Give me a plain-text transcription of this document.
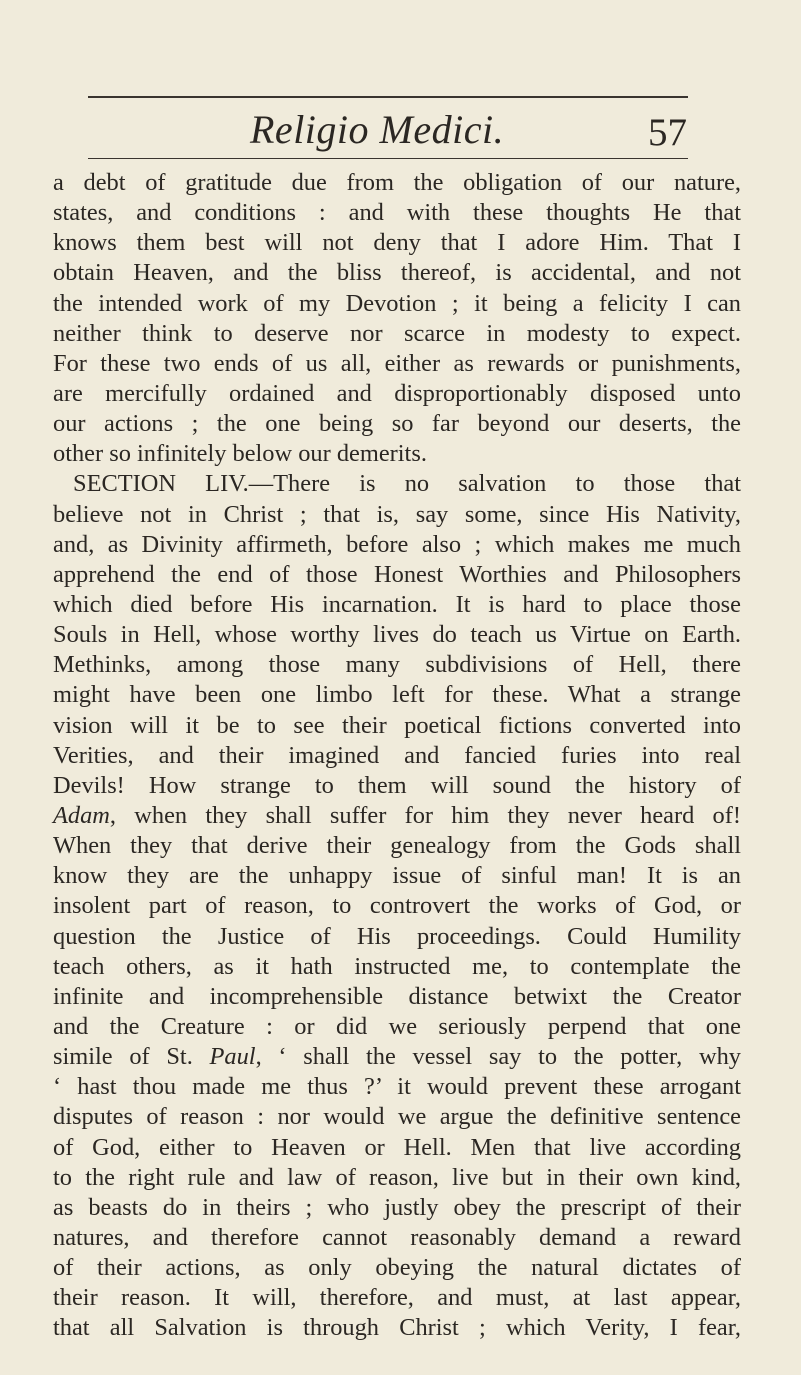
Religio Medici.	57
a debt of gratitude due from the obligation of our nature,
states, and conditions : and with these thoughts He that
knows them best will not deny that I adore Him. That I
obtain Heaven, and the bliss thereof, is accidental, and not
the intended work of my Devotion ; it being a felicity I can
neither think to deserve nor scarce in modesty to expect.
For these two ends of us all, either as rewards or punishments,
are mercifully ordained and disproportionably disposed unto
our actions ; the one being so far beyond our deserts, the
other so infinitely below our demerits.
SECTION LIV.—There is no salvation to those that
believe not in Christ ; that is, say some, since His Nativity,
and, as Divinity affirmeth, before also ; which makes me much
apprehend the end of those Honest Worthies and Philosophers
which died before His incarnation. It is hard to place those
Souls in Hell, whose worthy lives do teach us Virtue on Earth.
Methinks, among those many subdivisions of Hell, there
might have been one limbo left for these. What a strange
vision will it be to see their poetical fictions converted into
Verities, and their imagined and fancied furies into real
Devils! How strange to them will sound the history of
Adam, when they shall suffer for him they never heard of!
When they that derive their genealogy from the Gods shall
know they are the unhappy issue of sinful man! It is an
insolent part of reason, to controvert the works of God, or
question the Justice of His proceedings. Could Humility
teach others, as it hath instructed me, to contemplate the
infinite and incomprehensible distance betwixt the Creator
and the Creature : or did we seriously perpend that one
simile of St. Paul, ‘ shall the vessel say to the potter, why
‘ hast thou made me thus ?’ it would prevent these arrogant
disputes of reason : nor would we argue the definitive sentence
of God, either to Heaven or Hell. Men that live according
to the right rule and law of reason, live but in their own kind,
as beasts do in theirs ; who justly obey the prescript of their
natures, and therefore cannot reasonably demand a reward
of their actions, as only obeying the natural dictates of
their reason. It will, therefore, and must, at last appear,
that all Salvation is through Christ ; which Verity, I fear,
